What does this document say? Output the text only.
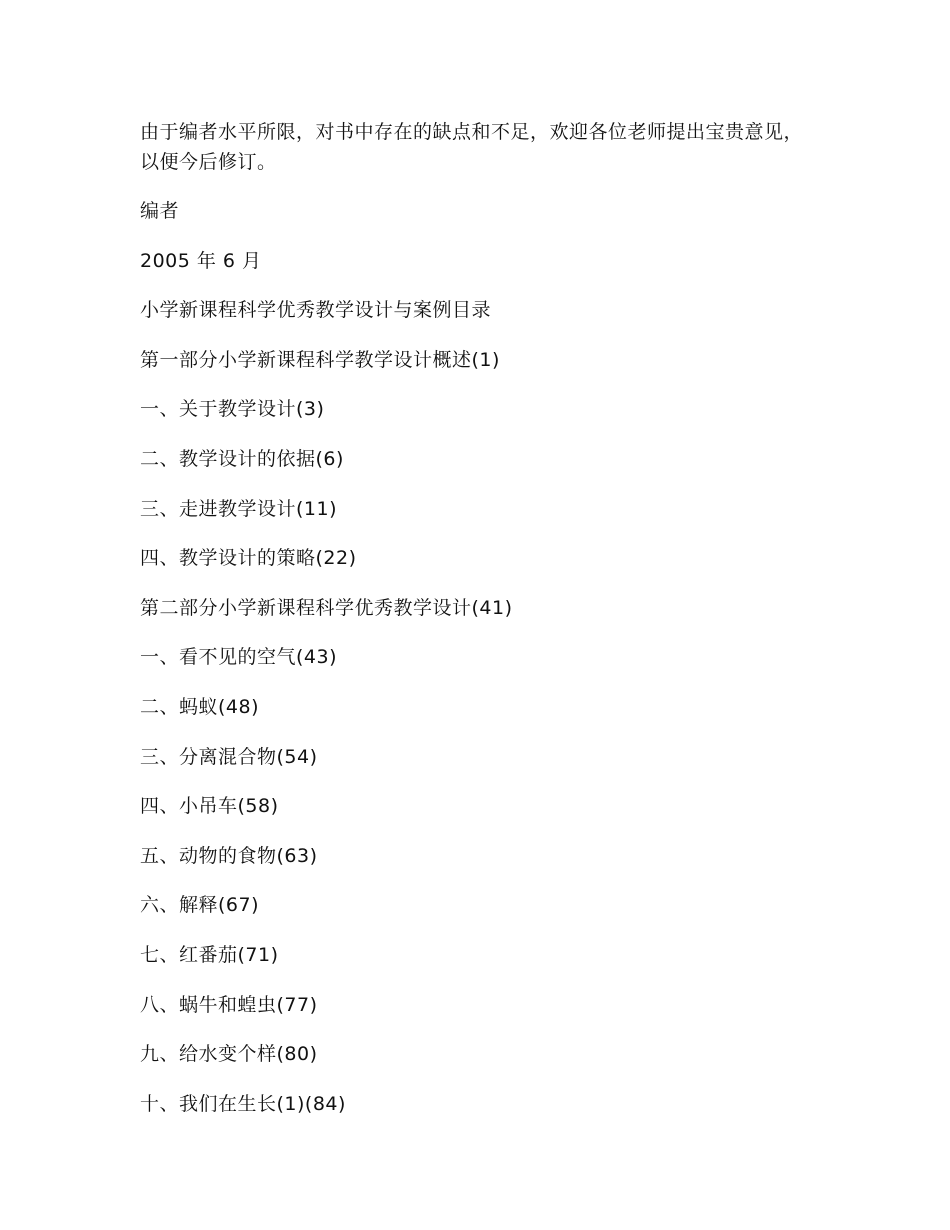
由于编者水平所限，对书中存在的缺点和不足，欢迎各位老师提出宝贵意见，以便今后修订。

编者

2005 年 6 月

小学新课程科学优秀教学设计与案例目录

第一部分小学新课程科学教学设计概述(1)

一、关于教学设计(3)

二、教学设计的依据(6)

三、走进教学设计(11)

四、教学设计的策略(22)

第二部分小学新课程科学优秀教学设计(41)

一、看不见的空气(43)

二、蚂蚁(48)

三、分离混合物(54)

四、小吊车(58)

五、动物的食物(63)

六、解释(67)

七、红番茄(71)

八、蜗牛和蝗虫(77)

九、给水变个样(80)

十、我们在生长(1)(84)
